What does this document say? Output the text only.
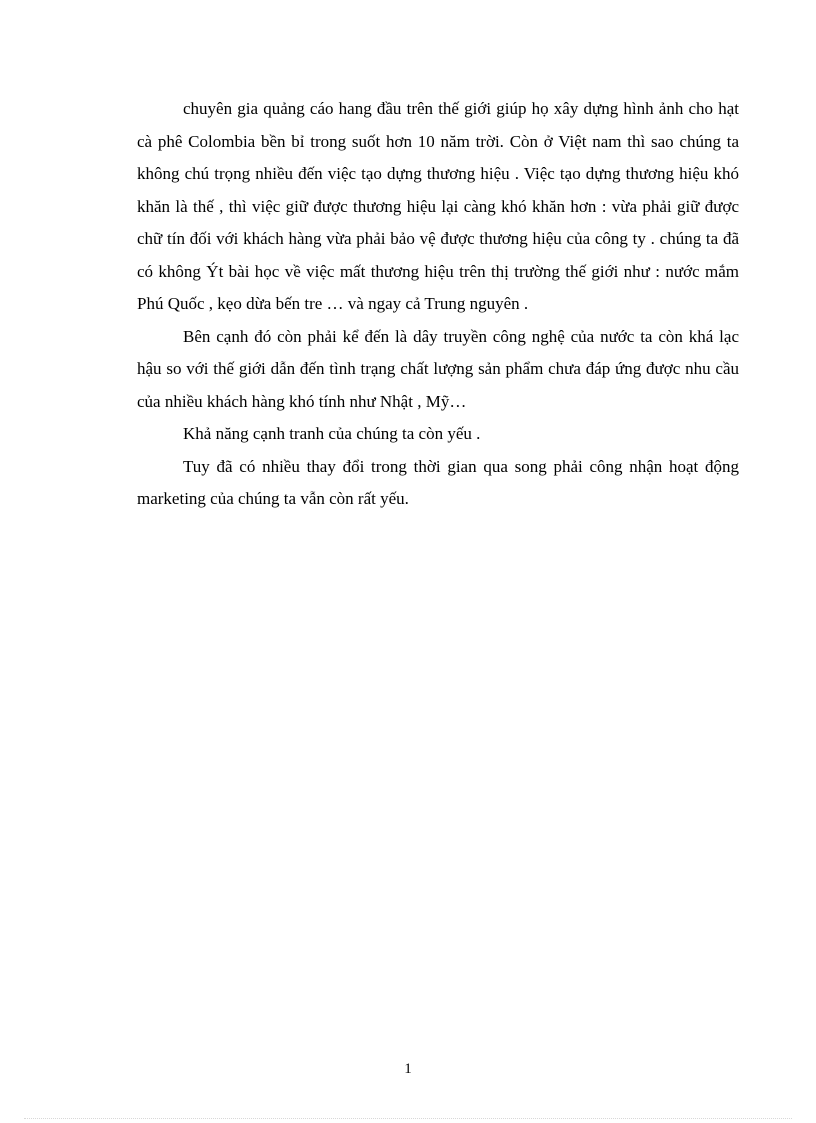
chuyên gia quảng cáo hang đầu trên thế giới giúp họ xây dựng hình ảnh cho hạt cà phê Colombia bền bỉ trong suốt hơn 10 năm trời. Còn ở Việt nam thì sao chúng ta không chú trọng nhiều đến việc tạo dựng thương hiệu . Việc tạo dựng thương hiệu khó khăn là thế , thì việc giữ được thương hiệu lại càng khó khăn hơn : vừa phải giữ được chữ tín đối với khách hàng vừa phải bảo vệ được thương hiệu của công ty . chúng ta đã có không Ýt bài học về việc mất thương hiệu trên thị trường thế giới như : nước mắm Phú Quốc , kẹo dừa bến tre … và ngay cả Trung nguyên .

Bên cạnh đó còn phải kể đến là dây truyền công nghệ của nước ta còn khá lạc hậu so với thế giới dẫn đến tình trạng chất lượng sản phẩm chưa đáp ứng được nhu cầu của nhiều khách hàng khó tính như Nhật , Mỹ…

Khả năng cạnh tranh của chúng ta còn yếu .

Tuy đã có nhiều thay đổi trong thời gian qua song phải công nhận hoạt động marketing của chúng ta vẫn còn rất yếu.

1
